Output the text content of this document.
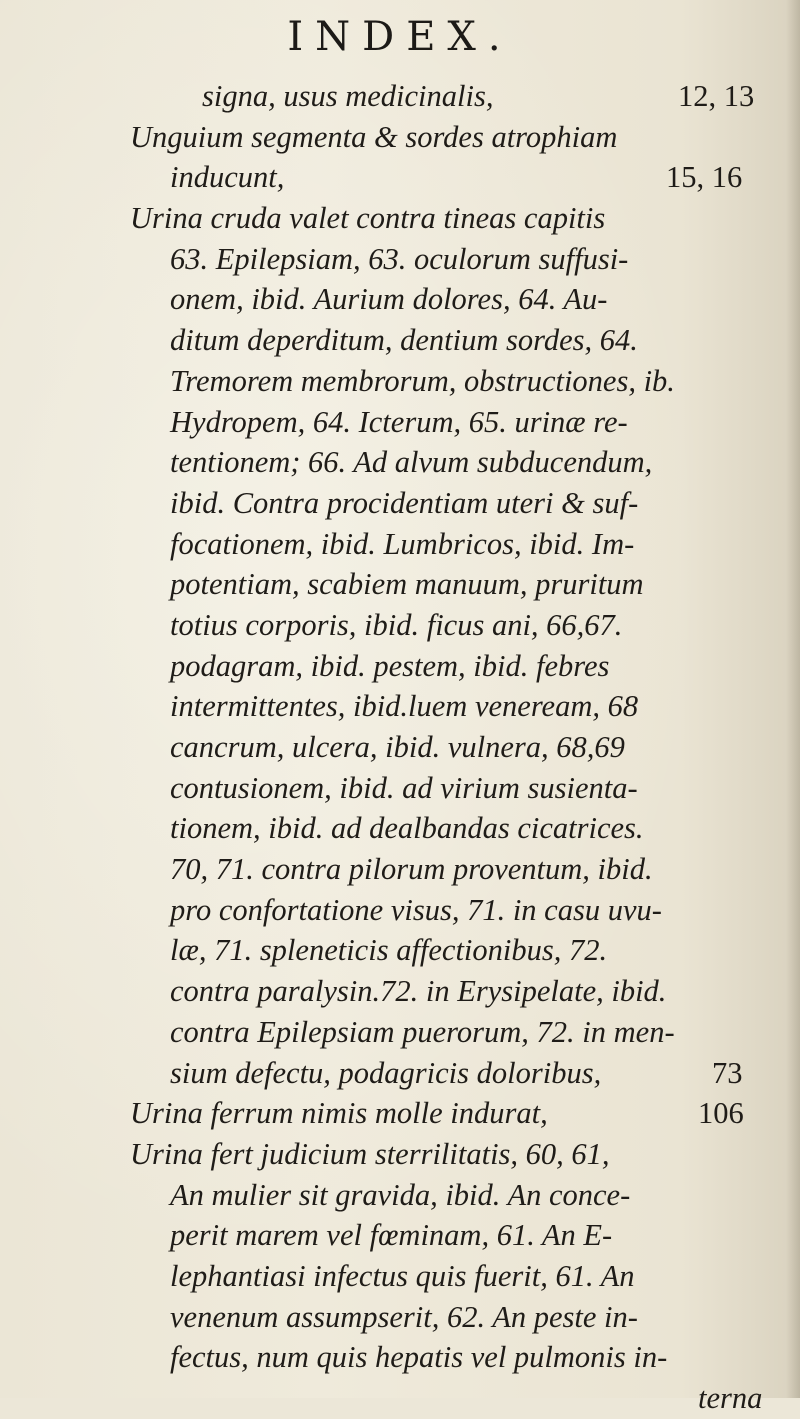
INDEX.
signa, usus medicinalis,	12, 13
Unguium segmenta & sordes atrophiam
inducunt,	15, 16
Urina cruda valet contra tineas capitis
63. Epilepsiam, 63. oculorum suffusi-
onem, ibid. Aurium dolores, 64. Au-
ditum deperditum, dentium sordes, 64.
Tremorem membrorum, obstructiones, ib.
Hydropem, 64. Icterum, 65. urinæ re-
tentionem; 66. Ad alvum subducendum,
ibid. Contra procidentiam uteri & suf-
focationem, ibid. Lumbricos, ibid. Im-
potentiam, scabiem manuum, pruritum
totius corporis, ibid. ficus ani, 66,67.
podagram, ibid. pestem, ibid. febres
intermittentes, ibid.luem veneream, 68
cancrum, ulcera, ibid. vulnera, 68,69
contusionem, ibid. ad virium susienta-
tionem, ibid. ad dealbandas cicatrices.
70, 71. contra pilorum proventum, ibid.
pro confortatione visus, 71. in casu uvu-
læ, 71. spleneticis affectionibus, 72.
contra paralysin.72. in Erysipelate, ibid.
contra Epilepsiam puerorum, 72. in men-
sium defectu, podagricis doloribus,	73
Urina ferrum nimis molle indurat,	106
Urina fert judicium sterrilitatis, 60, 61,
An mulier sit gravida, ibid. An conce-
perit marem vel fœminam, 61. An E-
lephantiasi infectus quis fuerit, 61. An
venenum assumpserit, 62. An peste in-
fectus, num quis hepatis vel pulmonis in-
terna
